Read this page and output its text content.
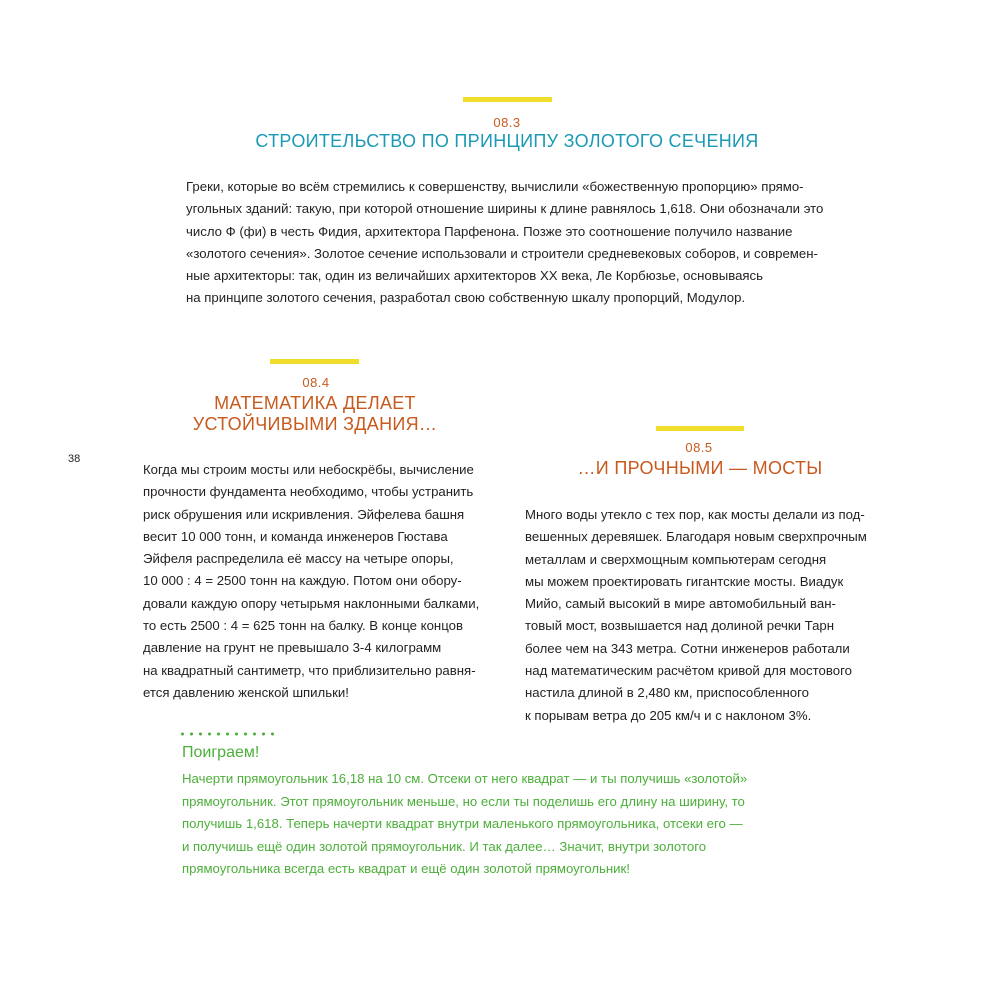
08.3
СТРОИТЕЛЬСТВО ПО ПРИНЦИПУ ЗОЛОТОГО СЕЧЕНИЯ
Греки, которые во всём стремились к совершенству, вычислили «божественную пропорцию» прямо-
угольных зданий: такую, при которой отношение ширины к длине равнялось 1,618. Они обозначали это
число Ф (фи) в честь Фидия, архитектора Парфенона. Позже это соотношение получило название
«золотого сечения». Золотое сечение использовали и строители средневековых соборов, и современ-
ные архитекторы: так, один из величайших архитекторов XX века, Ле Корбюзье, основываясь
на принципе золотого сечения, разработал свою собственную шкалу пропорций, Модулор.
08.4
МАТЕМАТИКА ДЕЛАЕТ
УСТОЙЧИВЫМИ ЗДАНИЯ…
Когда мы строим мосты или небоскрёбы, вычисление
прочности фундамента необходимо, чтобы устранить
риск обрушения или искривления. Эйфелева башня
весит 10 000 тонн, и команда инженеров Гюстава
Эйфеля распределила её массу на четыре опоры,
10 000 : 4 = 2500 тонн на каждую. Потом они обору-
довали каждую опору четырьмя наклонными балками,
то есть 2500 : 4 = 625 тонн на балку. В конце концов
давление на грунт не превышало 3-4 килограмм
на квадратный сантиметр, что приблизительно равня-
ется давлению женской шпильки!
38
08.5
…И ПРОЧНЫМИ — МОСТЫ
Много воды утекло с тех пор, как мосты делали из под-
вешенных деревяшек. Благодаря новым сверхпрочным
металлам и сверхмощным компьютерам сегодня
мы можем проектировать гигантские мосты. Виадук
Мийо, самый высокий в мире автомобильный ван-
товый мост, возвышается над долиной речки Тарн
более чем на 343 метра. Сотни инженеров работали
над математическим расчётом кривой для мостового
настила длиной в 2,480 км, приспособленного
к порывам ветра до 205 км/ч и с наклоном 3%.
Поиграем!
Начерти прямоугольник 16,18 на 10 см. Отсеки от него квадрат — и ты получишь «золотой»
прямоугольник. Этот прямоугольник меньше, но если ты поделишь его длину на ширину, то
получишь 1,618. Теперь начерти квадрат внутри маленького прямоугольника, отсеки его —
и получишь ещё один золотой прямоугольник. И так далее… Значит, внутри золотого
прямоугольника всегда есть квадрат и ещё один золотой прямоугольник!
